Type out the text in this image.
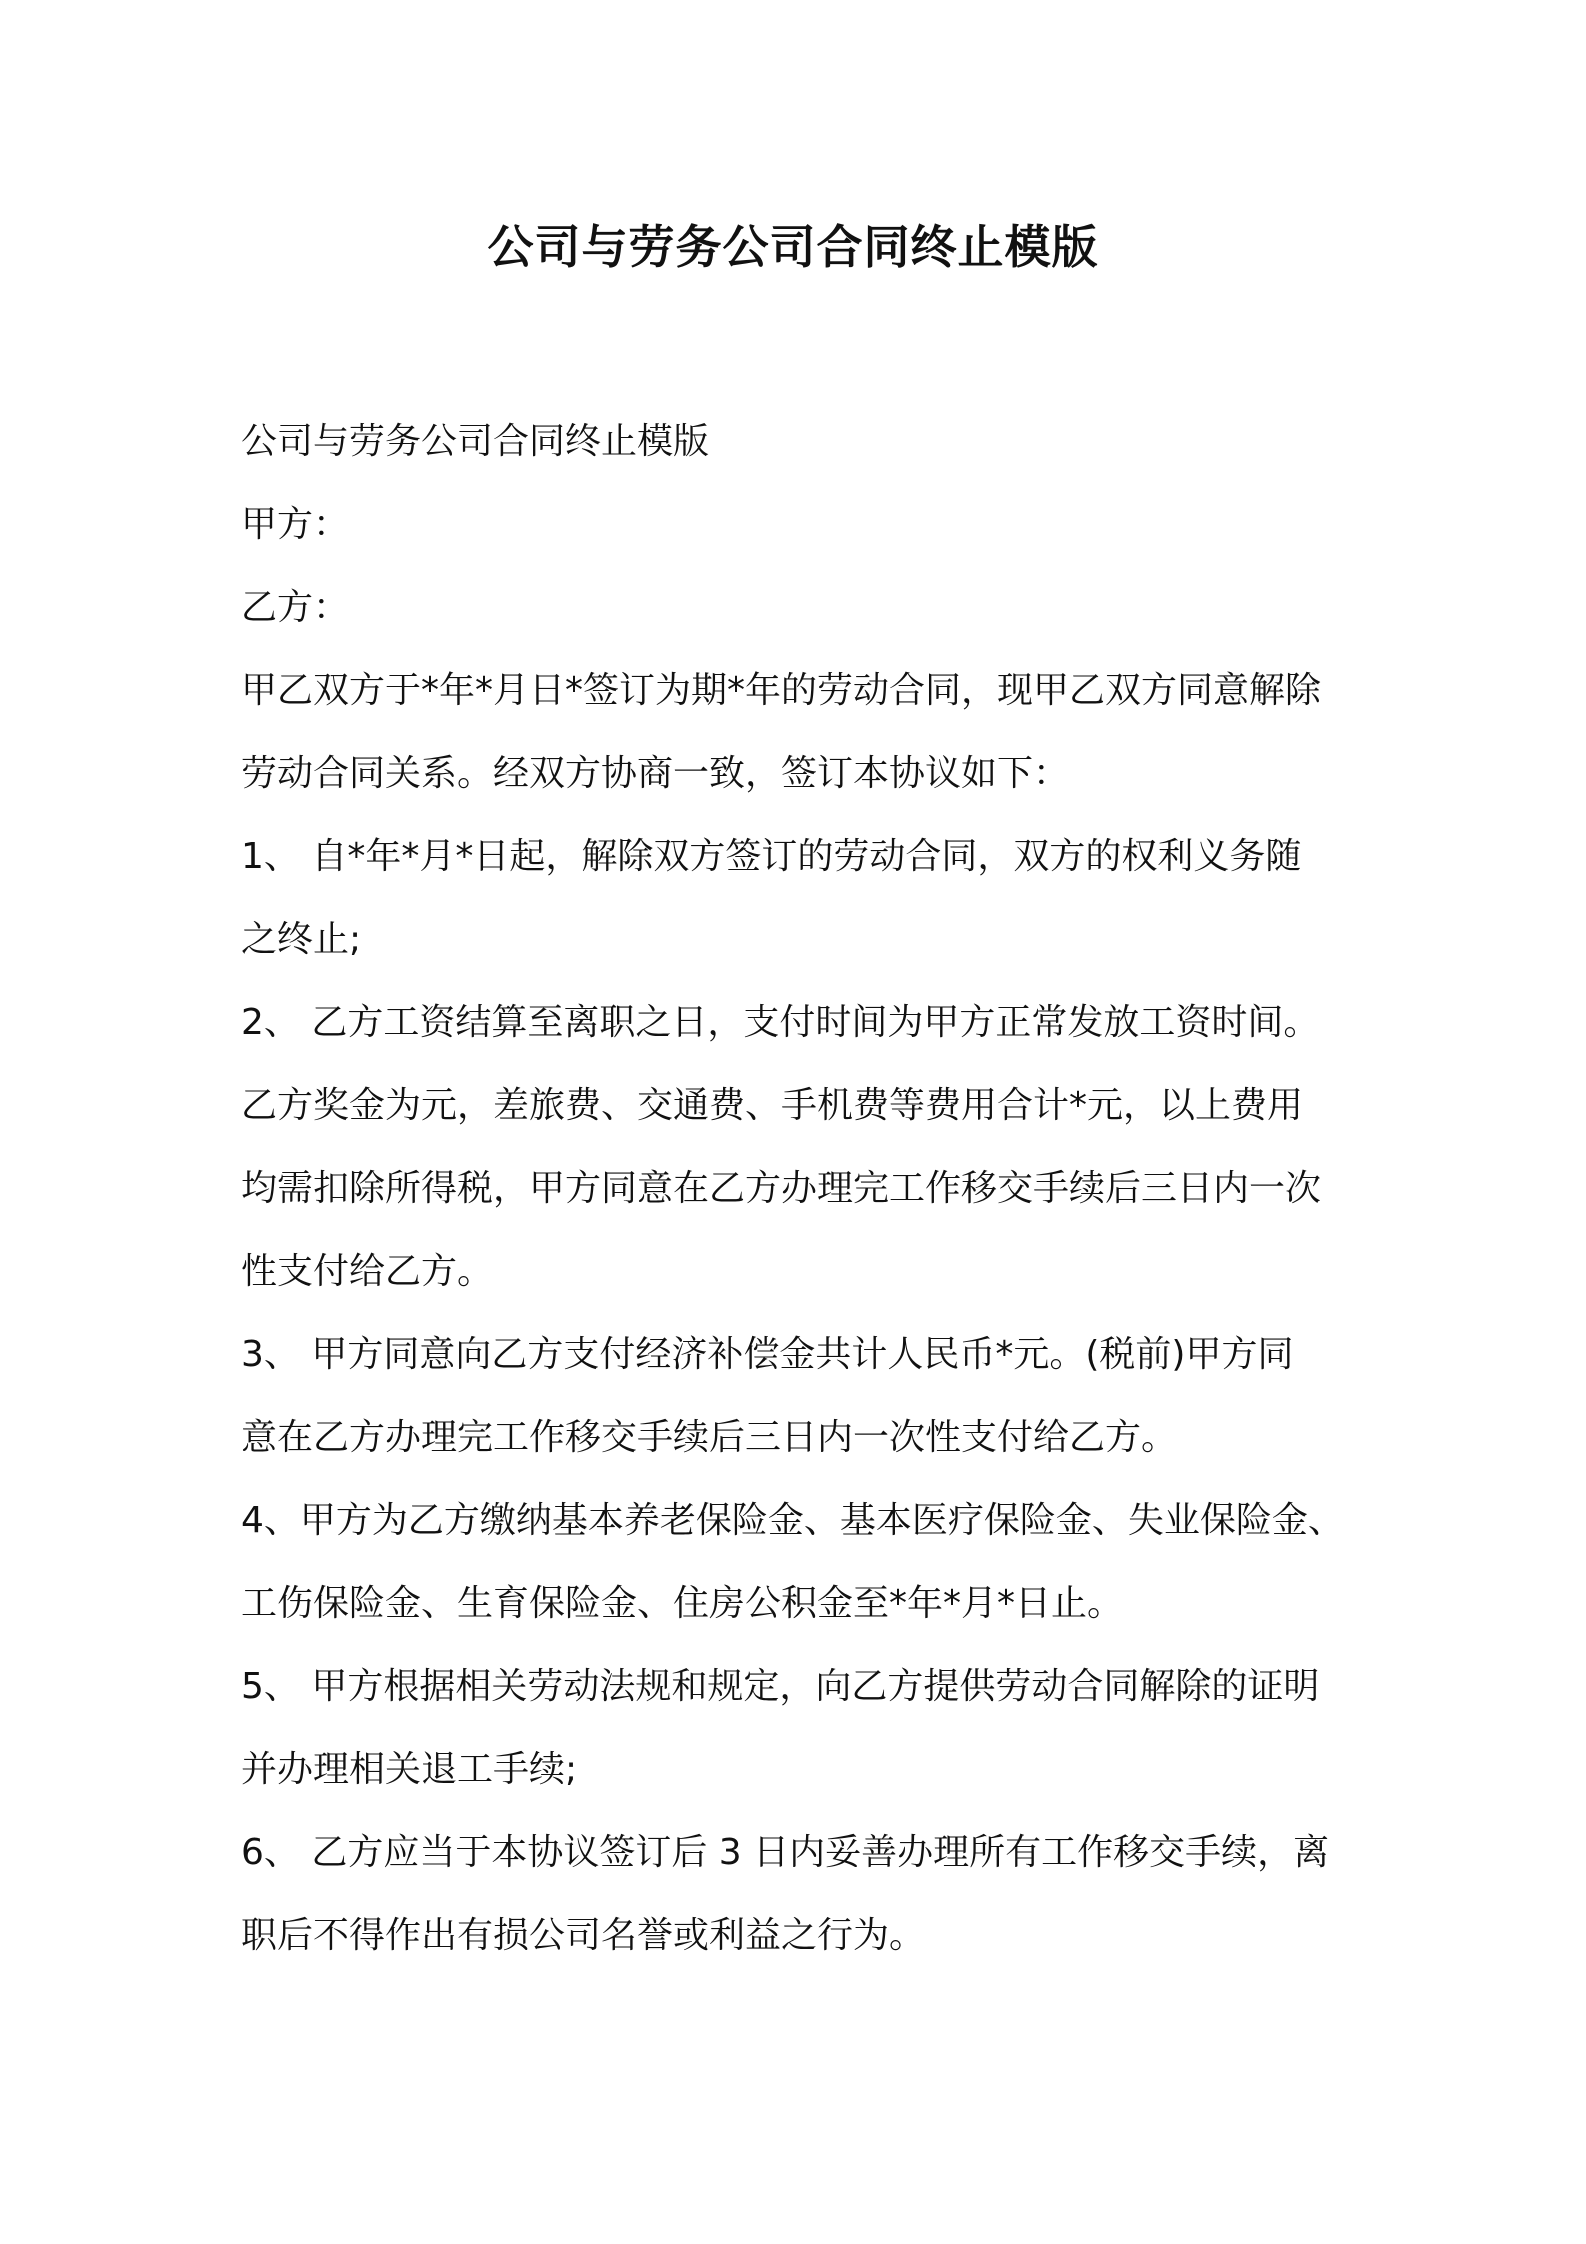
公司与劳务公司合同终止模版
公司与劳务公司合同终止模版
甲方：
乙方：
甲乙双方于*年*月日*签订为期*年的劳动合同，现甲乙双方同意解除
劳动合同关系。经双方协商一致，签订本协议如下：
1、 自*年*月*日起，解除双方签订的劳动合同，双方的权利义务随
之终止;
2、 乙方工资结算至离职之日，支付时间为甲方正常发放工资时间。
乙方奖金为元，差旅费、交通费、手机费等费用合计*元，以上费用
均需扣除所得税，甲方同意在乙方办理完工作移交手续后三日内一次
性支付给乙方。
3、 甲方同意向乙方支付经济补偿金共计人民币*元。(税前)甲方同
意在乙方办理完工作移交手续后三日内一次性支付给乙方。
4、甲方为乙方缴纳基本养老保险金、基本医疗保险金、失业保险金、
工伤保险金、生育保险金、住房公积金至*年*月*日止。
5、 甲方根据相关劳动法规和规定，向乙方提供劳动合同解除的证明
并办理相关退工手续;
6、 乙方应当于本协议签订后 3 日内妥善办理所有工作移交手续，离
职后不得作出有损公司名誉或利益之行为。
